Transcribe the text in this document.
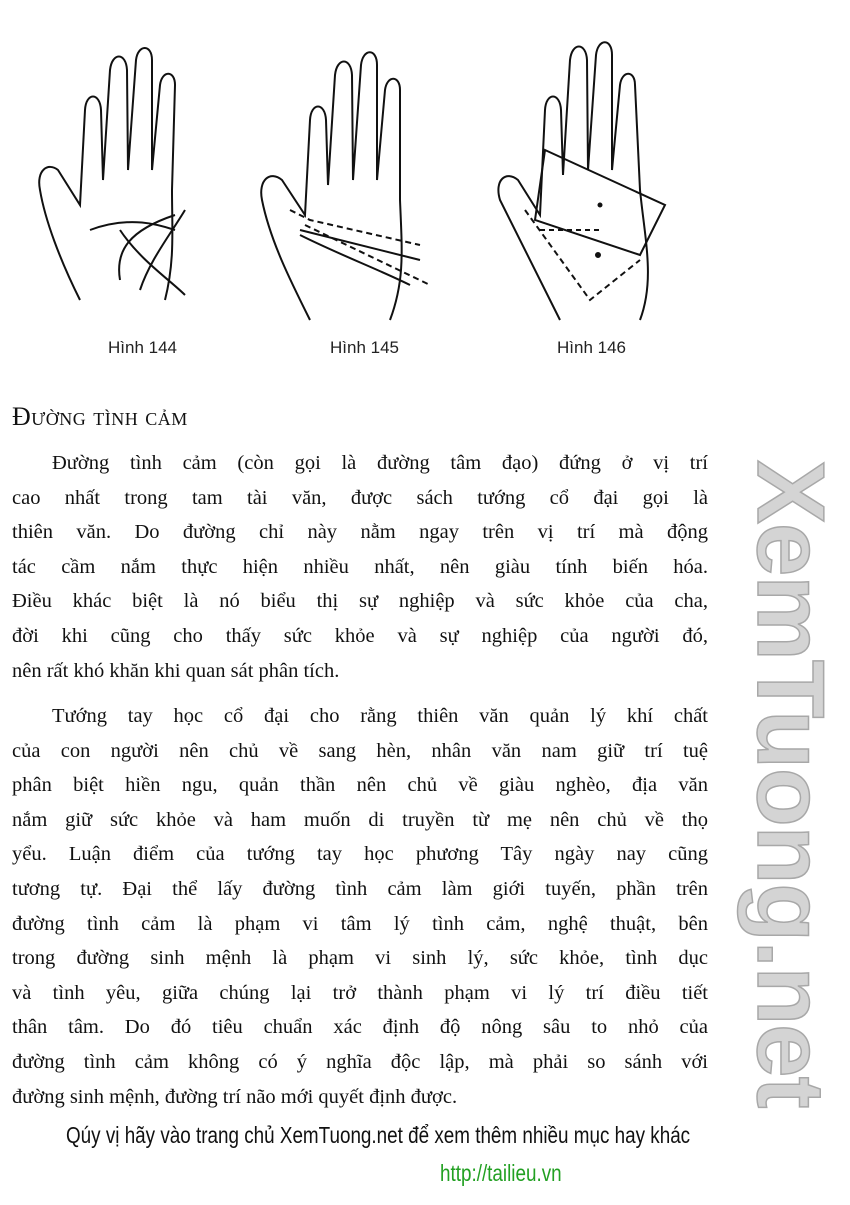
XemTuong.net
Hình 144	Hình 145	Hình 146
Đường tình cảm
Đường tình cảm (còn gọi là đường tâm đạo) đứng ở vị trí
cao nhất trong tam tài văn, được sách tướng cổ đại gọi là
thiên văn. Do đường chỉ này nằm ngay trên vị trí mà động
tác cầm nắm thực hiện nhiều nhất, nên giàu tính biến hóa.
Điều khác biệt là nó biểu thị sự nghiệp và sức khỏe của cha,
đời khi cũng cho thấy sức khỏe và sự nghiệp của người đó,
nên rất khó khăn khi quan sát phân tích.
Tướng tay học cổ đại cho rằng thiên văn quản lý khí chất
của con người nên chủ về sang hèn, nhân văn nam giữ trí tuệ
phân biệt hiền ngu, quản thần nên chủ về giàu nghèo, địa văn
nắm giữ sức khỏe và ham muốn di truyền từ mẹ nên chủ về thọ
yểu. Luận điểm của tướng tay học phương Tây ngày nay cũng
tương tự. Đại thể lấy đường tình cảm làm giới tuyến, phần trên
đường tình cảm là phạm vi tâm lý tình cảm, nghệ thuật, bên
trong đường sinh mệnh là phạm vi sinh lý, sức khỏe, tình dục
và tình yêu, giữa chúng lại trở thành phạm vi lý trí điều tiết
thân tâm. Do đó tiêu chuẩn xác định độ nông sâu to nhỏ của
đường tình cảm không có ý nghĩa độc lập, mà phải so sánh với
đường sinh mệnh, đường trí não mới quyết định được.
Qúy vị hãy vào trang chủ XemTuong.net để xem thêm nhiều mục hay khác
http://tailieu.vn
